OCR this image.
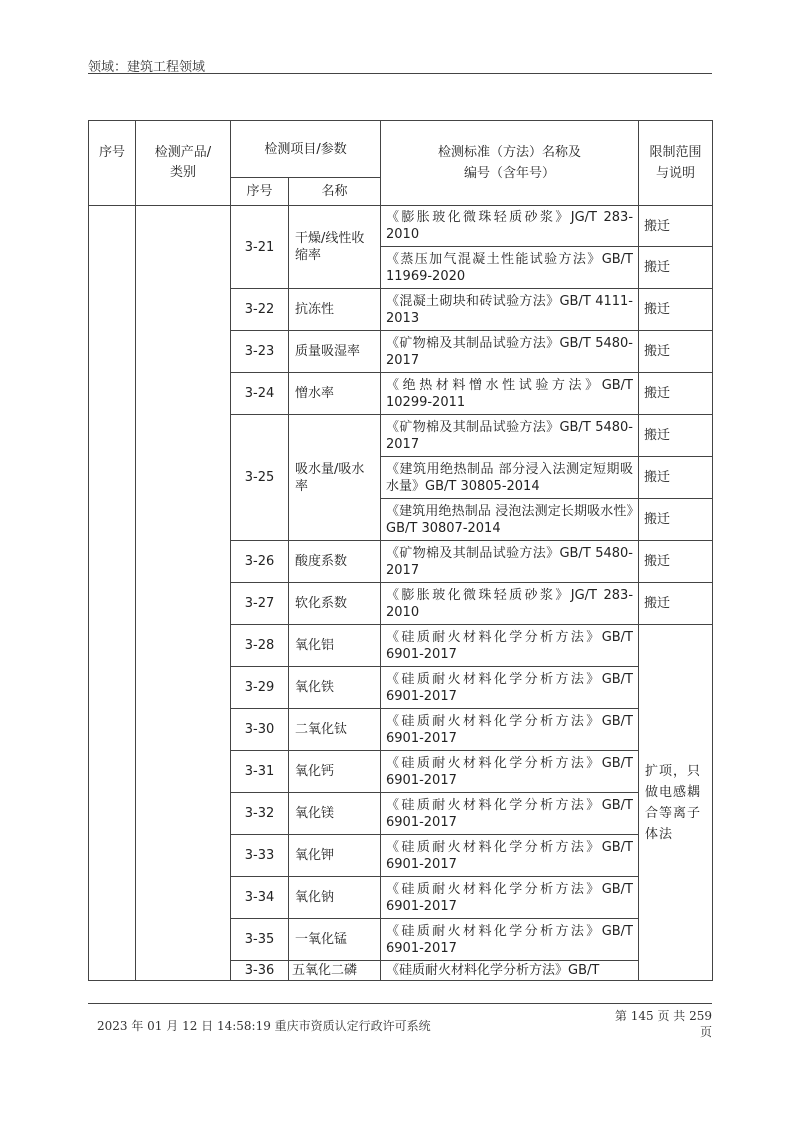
领域：建筑工程领域
序号	检测产品/类别	检测项目/参数		检测标准（方法）名称及编号（含年号）	限制范围与说明
		序号	名称		
		3-21	干燥/线性收缩率	《膨胀玻化微珠轻质砂浆》JG/T 283-2010	搬迁
				《蒸压加气混凝土性能试验方法》GB/T 11969-2020	搬迁
		3-22	抗冻性	《混凝土砌块和砖试验方法》GB/T 4111-2013	搬迁
		3-23	质量吸湿率	《矿物棉及其制品试验方法》GB/T 5480-2017	搬迁
		3-24	憎水率	《绝热材料憎水性试验方法》GB/T 10299-2011	搬迁
		3-25	吸水量/吸水率	《矿物棉及其制品试验方法》GB/T 5480-2017	搬迁
				《建筑用绝热制品 部分浸入法测定短期吸水量》GB/T 30805-2014	搬迁
				《建筑用绝热制品 浸泡法测定长期吸水性》GB/T 30807-2014	搬迁
		3-26	酸度系数	《矿物棉及其制品试验方法》GB/T 5480-2017	搬迁
		3-27	软化系数	《膨胀玻化微珠轻质砂浆》JG/T 283-2010	搬迁
		3-28	氧化铝	《硅质耐火材料化学分析方法》GB/T 6901-2017	扩项，只做电感耦合等离子体法
		3-29	氧化铁	《硅质耐火材料化学分析方法》GB/T 6901-2017	
		3-30	二氧化钛	《硅质耐火材料化学分析方法》GB/T 6901-2017	
		3-31	氧化钙	《硅质耐火材料化学分析方法》GB/T 6901-2017	
		3-32	氧化镁	《硅质耐火材料化学分析方法》GB/T 6901-2017	
		3-33	氧化钾	《硅质耐火材料化学分析方法》GB/T 6901-2017	
		3-34	氧化钠	《硅质耐火材料化学分析方法》GB/T 6901-2017	
		3-35	一氧化锰	《硅质耐火材料化学分析方法》GB/T 6901-2017	
		3-36	五氧化二磷	《硅质耐火材料化学分析方法》GB/T	
2023 年 01 月 12 日 14:58:19 重庆市资质认定行政许可系统
第 145 页 共 259
页
